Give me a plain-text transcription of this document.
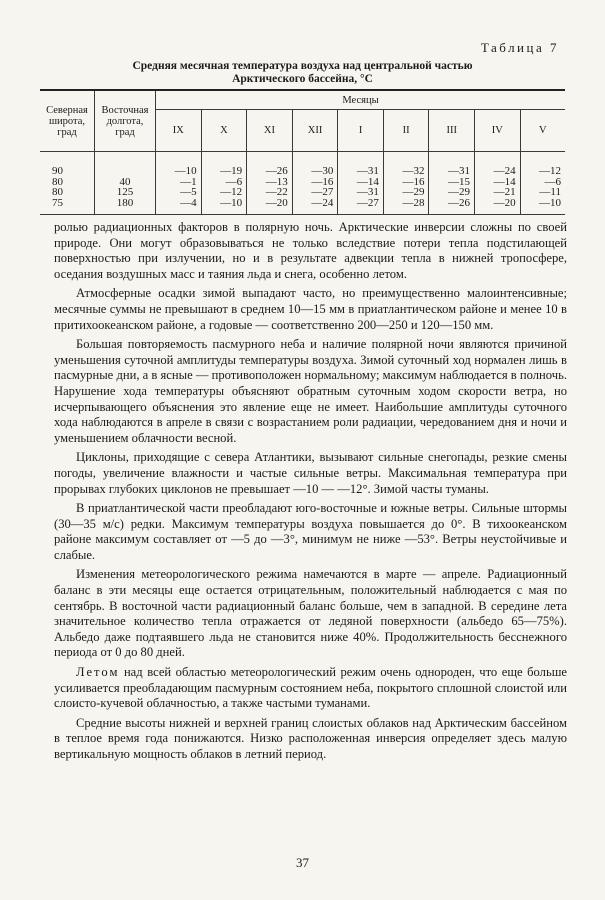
Таблица 7
Средняя месячная температура воздуха над центральной частью
Арктического бассейна, °С
Северная широта, град	Восточная долгота, град	Месяцы								
		IX	X	XI	XII	I	II	III	IV	V
90		—10	—19	—26	—30	—31	—32	—31	—24	—12
80	40	—1	—6	—13	—16	—14	—16	—15	—14	—6
80	125	—5	—12	—22	—27	—31	—29	—29	—21	—11
75	180	—4	—10	—20	—24	—27	—28	—26	—20	—10

ролью радиационных факторов в полярную ночь. Арктические инверсии сложны по своей природе. Они могут образовываться не только вследствие потери тепла подстилающей поверхностью при излучении, но и в результате адвекции тепла в нижней тропосфере, оседания воздушных масс и таяния льда и снега, особенно летом.

Атмосферные осадки зимой выпадают часто, но преимущественно малоинтенсивные; месячные суммы не превышают в среднем 10—15 мм в приатлантическом районе и менее 10 в притихоокеанском районе, а годовые — соответственно 200—250 и 120—150 мм.

Большая повторяемость пасмурного неба и наличие полярной ночи являются причиной уменьшения суточной амплитуды температуры воздуха. Зимой суточный ход нормален лишь в пасмурные дни, а в ясные — противоположен нормальному; максимум наблюдается в полночь. Нарушение хода температуры объясняют обратным суточным ходом скорости ветра, но исчерпывающего объяснения это явление еще не имеет. Наибольшие амплитуды суточного хода наблюдаются в апреле в связи с возрастанием роли радиации, чередованием дня и ночи и уменьшением облачности весной.

Циклоны, приходящие с севера Атлантики, вызывают сильные снегопады, резкие смены погоды, увеличение влажности и частые сильные ветры. Максимальная температура при прорывах глубоких циклонов не превышает —10 — —12°. Зимой часты туманы.

В приатлантической части преобладают юго-восточные и южные ветры. Сильные штормы (30—35 м/с) редки. Максимум температуры воздуха повышается до 0°. В тихоокеанском районе максимум составляет от —5 до —3°, минимум не ниже —53°. Ветры неустойчивые и слабые.

Изменения метеорологического режима намечаются в марте — апреле. Радиационный баланс в эти месяцы еще остается отрицательным, положительный наблюдается с мая по сентябрь. В восточной части радиационный баланс больше, чем в западной. В середине лета значительное количество тепла отражается от ледяной поверхности (альбедо 65—75%). Альбедо даже подтаявшего льда не становится ниже 40%. Продолжительность бесснежного периода от 0 до 80 дней.

Летом над всей областью метеорологический режим очень однороден, что еще больше усиливается преобладающим пасмурным состоянием неба, покрытого сплошной слоистой или слоисто-кучевой облачностью, а также частыми туманами.

Средние высоты нижней и верхней границ слоистых облаков над Арктическим бассейном в теплое время года понижаются. Низко расположенная инверсия определяет здесь малую вертикальную мощность облаков в летний период.

37
